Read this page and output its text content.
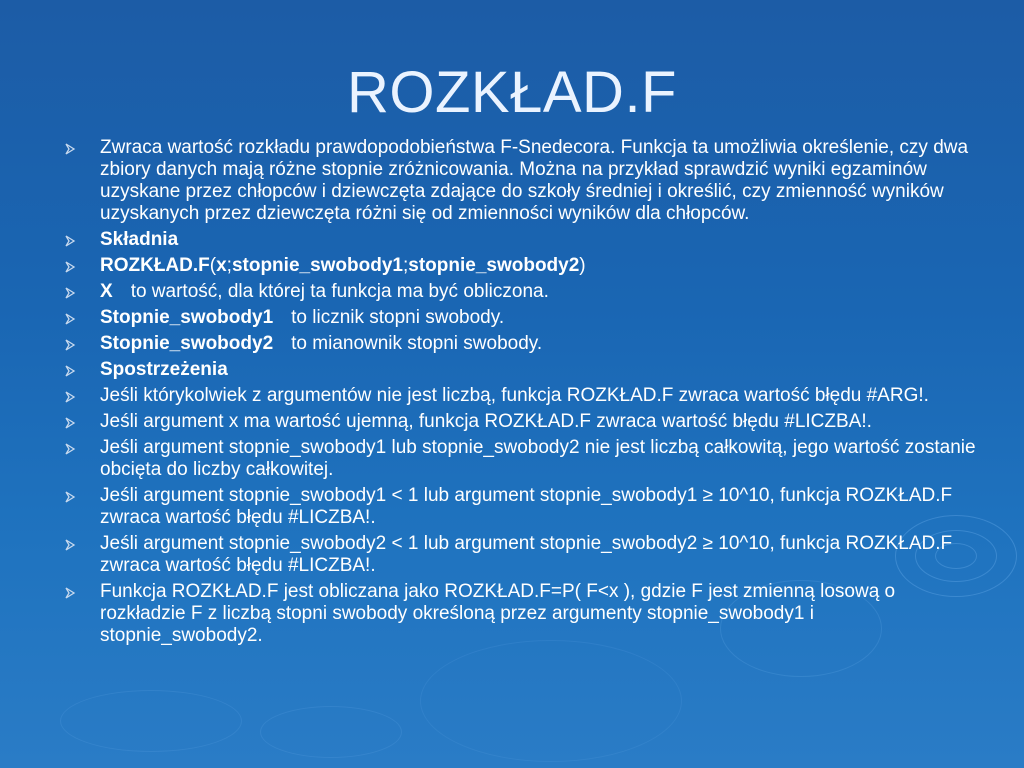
ROZKŁAD.F
Zwraca wartość rozkładu prawdopodobieństwa F-Snedecora. Funkcja ta umożliwia określenie, czy dwa zbiory danych mają różne stopnie zróżnicowania. Można na przykład sprawdzić wyniki egzaminów uzyskane przez chłopców i dziewczęta zdające do szkoły średniej i określić, czy zmienność wyników uzyskanych przez dziewczęta różni się od zmienności wyników dla chłopców.
Składnia
ROZKŁAD.F(x;stopnie_swobody1;stopnie_swobody2)
X to wartość, dla której ta funkcja ma być obliczona.
Stopnie_swobody1 to licznik stopni swobody.
Stopnie_swobody2 to mianownik stopni swobody.
Spostrzeżenia
Jeśli którykolwiek z argumentów nie jest liczbą, funkcja ROZKŁAD.F zwraca wartość błędu #ARG!.
Jeśli argument x ma wartość ujemną, funkcja ROZKŁAD.F zwraca wartość błędu #LICZBA!.
Jeśli argument stopnie_swobody1 lub stopnie_swobody2 nie jest liczbą całkowitą, jego wartość zostanie obcięta do liczby całkowitej.
Jeśli argument stopnie_swobody1 < 1 lub argument stopnie_swobody1 ≥ 10^10, funkcja ROZKŁAD.F zwraca wartość błędu #LICZBA!.
Jeśli argument stopnie_swobody2 < 1 lub argument stopnie_swobody2 ≥ 10^10, funkcja ROZKŁAD.F zwraca wartość błędu #LICZBA!.
Funkcja ROZKŁAD.F jest obliczana jako ROZKŁAD.F=P( F<x ), gdzie F jest zmienną losową o rozkładzie F z liczbą stopni swobody określoną przez argumenty stopnie_swobody1 i stopnie_swobody2.
